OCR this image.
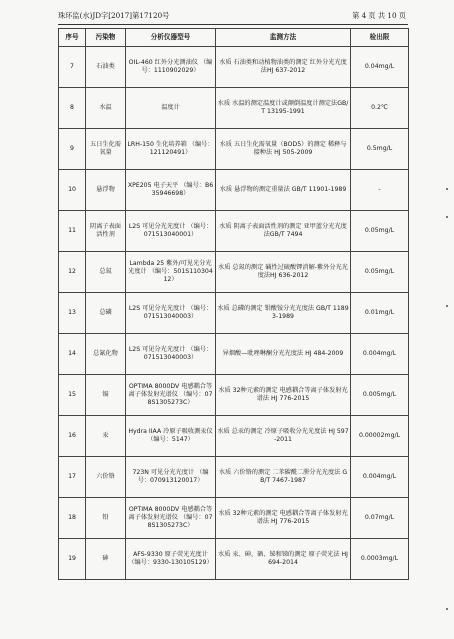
珠环监(水)JD字[2017]第17120号	第 4 页 共 10 页
序号	污染物	分析仪器型号	监测方法	检出限
7	石油类	OIL-460 红外分光测油仪 （编号：1110902029）	水质 石油类和动植物油类的测定 红外分光光度法HJ 637-2012	0.04mg/L
8	水温	温度计	水质 水温的测定温度计或颠倒温度计测定法GB/T 13195-1991	0.2℃
9	五日生化需氧量	LRH-150 生化培养箱 （编号：121120491）	水质 五日生化需氧量（BOD5）的测定 稀释与接种法 HJ 505-2009	0.5mg/L
10	悬浮物	XPE205 电子天平 （编号：B635946698）	水质 悬浮物的测定重量法 GB/T 11901-1989	-
11	阴离子表面活性剂	L2S 可见分光光度计 （编号：071513040001）	水质 阴离子表面活性剂的测定 亚甲蓝分光光度法GB/T 7494	0.05mg/L
12	总氮	Lambda 25 紫外/可见光分光光度计 （编号：501S11030412）	水质 总氮的测定 碱性过硫酸钾消解-紫外分光光度法HJ 636-2012	0.05mg/L
13	总磷	L2S 可见分光光度计 （编号：071513040003）	水质 总磷的测定 钼酸铵分光光度法 GB/T 11893-1989	0.01mg/L
14	总氰化物	L2S 可见分光光度计 （编号：071513040003）	异烟酸—吡唑啉酮分光光度法 HJ 484-2009	0.004mg/L
15	镉	OPTIMA 8000DV 电感耦合等离子体发射光谱仪 （编号：078S1305273C）	水质 32种元素的测定 电感耦合等离子体发射光谱法 HJ 776-2015	0.005mg/L
16	汞	Hydra IIAA 冷原子吸收测汞仪 （编号：5147）	水质 总汞的测定 冷原子吸收分光光度法 HJ 597-2011	0.00002mg/L
17	六价铬	723N 可见分光光度计 （编号：070913120017）	水质 六价铬的测定 二苯碳酰二肼分光光度法 GB/T 7467-1987	0.004mg/L
18	铅	OPTIMA 8000DV 电感耦合等离子体发射光谱仪 （编号：078S1305273C）	水质 32种元素的测定 电感耦合等离子体发射光谱法 HJ 776-2015	0.07mg/L
19	砷	AFS-9330 原子荧光光度计 （编号：9330-130105129）	水质 汞、砷、硒、铋和锑的测定 原子荧光法 HJ 694-2014	0.0003mg/L
